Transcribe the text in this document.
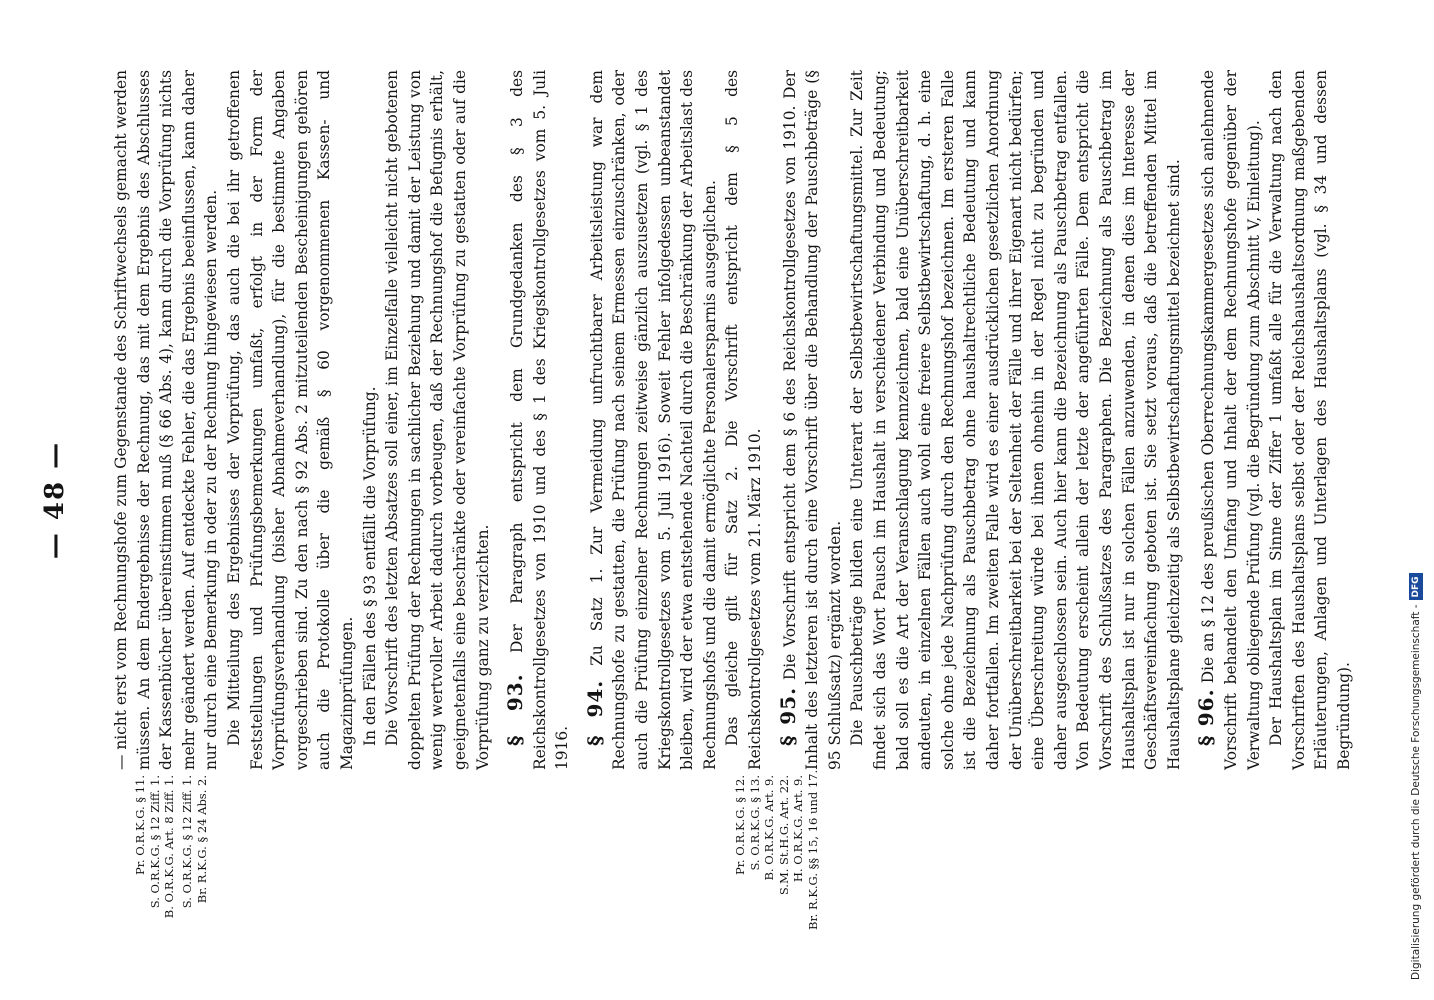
— 48 —
Pr. O.R.K.G. § 11. S. O.R.K.G. § 12 Ziff. 1. B. O.R.K.G. Art. 8 Ziff. 1. S. O.R.K.G. § 12 Ziff. 1. Br. R.K.G. § 24 Abs. 2.	Pr. O.R.K.G. § 12. S. O.R.K.G. § 13. B. O.R.K.G. Art. 9. S.M. St.H.G. Art. 22. H. O.R.K.G. Art. 9. Br. R.K.G. §§ 15, 16 und 17.

— nicht erst vom Rechnungshofe zum Gegenstande des Schriftwechsels gemacht werden müssen. An dem Endergebnisse der Rechnung, das mit dem Ergebnis des Abschlusses der Kassenbücher übereinstimmen muß (§ 66 Abs. 4), kann durch die Vorprüfung nichts mehr geändert werden. Auf entdeckte Fehler, die das Ergebnis beeinflussen, kann daher nur durch eine Bemerkung in oder zu der Rechnung hingewiesen werden. Die Mitteilung des Ergebnisses der Vorprüfung, das auch die bei ihr getroffenen Feststellungen und Prüfungsbemerkungen umfaßt, erfolgt in der Form der Vorprüfungsverhandlung (bisher Abnahmeverhandlung), für die bestimmte Angaben vorgeschrieben sind. Zu den nach § 92 Abs. 2 mitzuteilenden Bescheinigungen gehören auch die Protokolle über die gemäß § 60 vorgenommenen Kassen- und Magazinprüfungen. In den Fällen des § 93 entfällt die Vorprüfung. Die Vorschrift des letzten Absatzes soll einer, im Einzelfalle vielleicht nicht gebotenen doppelten Prüfung der Rechnungen in sachlicher Beziehung und damit der Leistung von wenig wertvoller Arbeit dadurch vorbeugen, daß der Rechnungshof die Befugnis erhält, geeignetenfalls eine beschränkte oder vereinfachte Vorprüfung zu gestatten oder auf die Vorprüfung ganz zu verzichten. § 93. Der Paragraph entspricht dem Grundgedanken des § 3 des Reichskontrollgesetzes von 1910 und des § 1 des Kriegskontrollgesetzes vom 5. Juli 1916.

§ 94. Zu Satz 1. Zur Vermeidung unfruchtbarer Arbeitsleistung war dem Rechnungshofe zu gestatten, die Prüfung nach seinem Ermessen einzuschränken, oder auch die Prüfung einzelner Rechnungen zeitweise gänzlich auszusetzen (vgl. § 1 des Kriegskontrollgesetzes vom 5. Juli 1916). Soweit Fehler infolgedessen unbeanstandet bleiben, wird der etwa entstehende Nachteil durch die Beschränkung der Arbeitslast des Rechnungshofs und die damit ermöglichte Personalersparnis ausgeglichen. Das gleiche gilt für Satz 2. Die Vorschrift entspricht dem § 5 des Reichskontrollgesetzes vom 21. März 1910. § 95. Die Vorschrift entspricht dem § 6 des Reichskontrollgesetzes von 1910. Der Inhalt des letzteren ist durch eine Vorschrift über die Behandlung der Pauschbeträge (§ 95 Schlußsatz) ergänzt worden. Die Pauschbeträge bilden eine Unterart der Selbstbewirtschaftungsmittel. Zur Zeit findet sich das Wort Pausch im Haushalt in verschiedener Verbindung und Bedeutung; bald soll es die Art der Veranschlagung kennzeichnen, bald eine Unüberschreitbarkeit andeuten, in einzelnen Fällen auch wohl eine freiere Selbstbewirtschaftung, d. h. eine solche ohne jede Nachprüfung durch den Rechnungshof bezeichnen. Im ersteren Falle ist die Bezeichnung als Pauschbetrag ohne haushaltrechtliche Bedeutung und kann daher fortfallen. Im zweiten Falle wird es einer ausdrücklichen gesetzlichen Anordnung der Unüberschreitbarkeit bei der Seltenheit der Fälle und ihrer Eigenart nicht bedürfen; eine Überschreitung würde bei ihnen ohnehin in der Regel nicht zu begründen und daher ausgeschlossen sein. Auch hier kann die Bezeichnung als Pauschbetrag entfallen. Von Bedeutung erscheint allein der letzte der angeführten Fälle. Dem entspricht die Vorschrift des Schlußsatzes des Paragraphen. Die Bezeichnung als Pauschbetrag im Haushaltsplan ist nur in solchen Fällen anzuwenden, in denen dies im Interesse der Geschäftsvereinfachung geboten ist. Sie setzt voraus, daß die betreffenden Mittel im Haushaltsplane gleichzeitig als Selbstbewirtschaftungsmittel bezeichnet sind. § 96. Die an § 12 des preußischen Oberrechnungskammergesetzes sich anlehnende Vorschrift behandelt den Umfang und Inhalt der dem Rechnungshofe gegenüber der Verwaltung obliegende Prüfung (vgl. die Begründung zum Abschnitt V, Einleitung). Der Haushaltsplan im Sinne der Ziffer 1 umfaßt alle für die Verwaltung nach den Vorschriften des Haushaltsplans selbst oder der Reichshaushaltsordnung maßgebenden Erläuterungen, Anlagen und Unterlagen des Haushaltsplans (vgl. § 34 und dessen Begründung).	Digitalisierung gefördert durch die Deutsche Forschungsgemeinschaft -
DFG
